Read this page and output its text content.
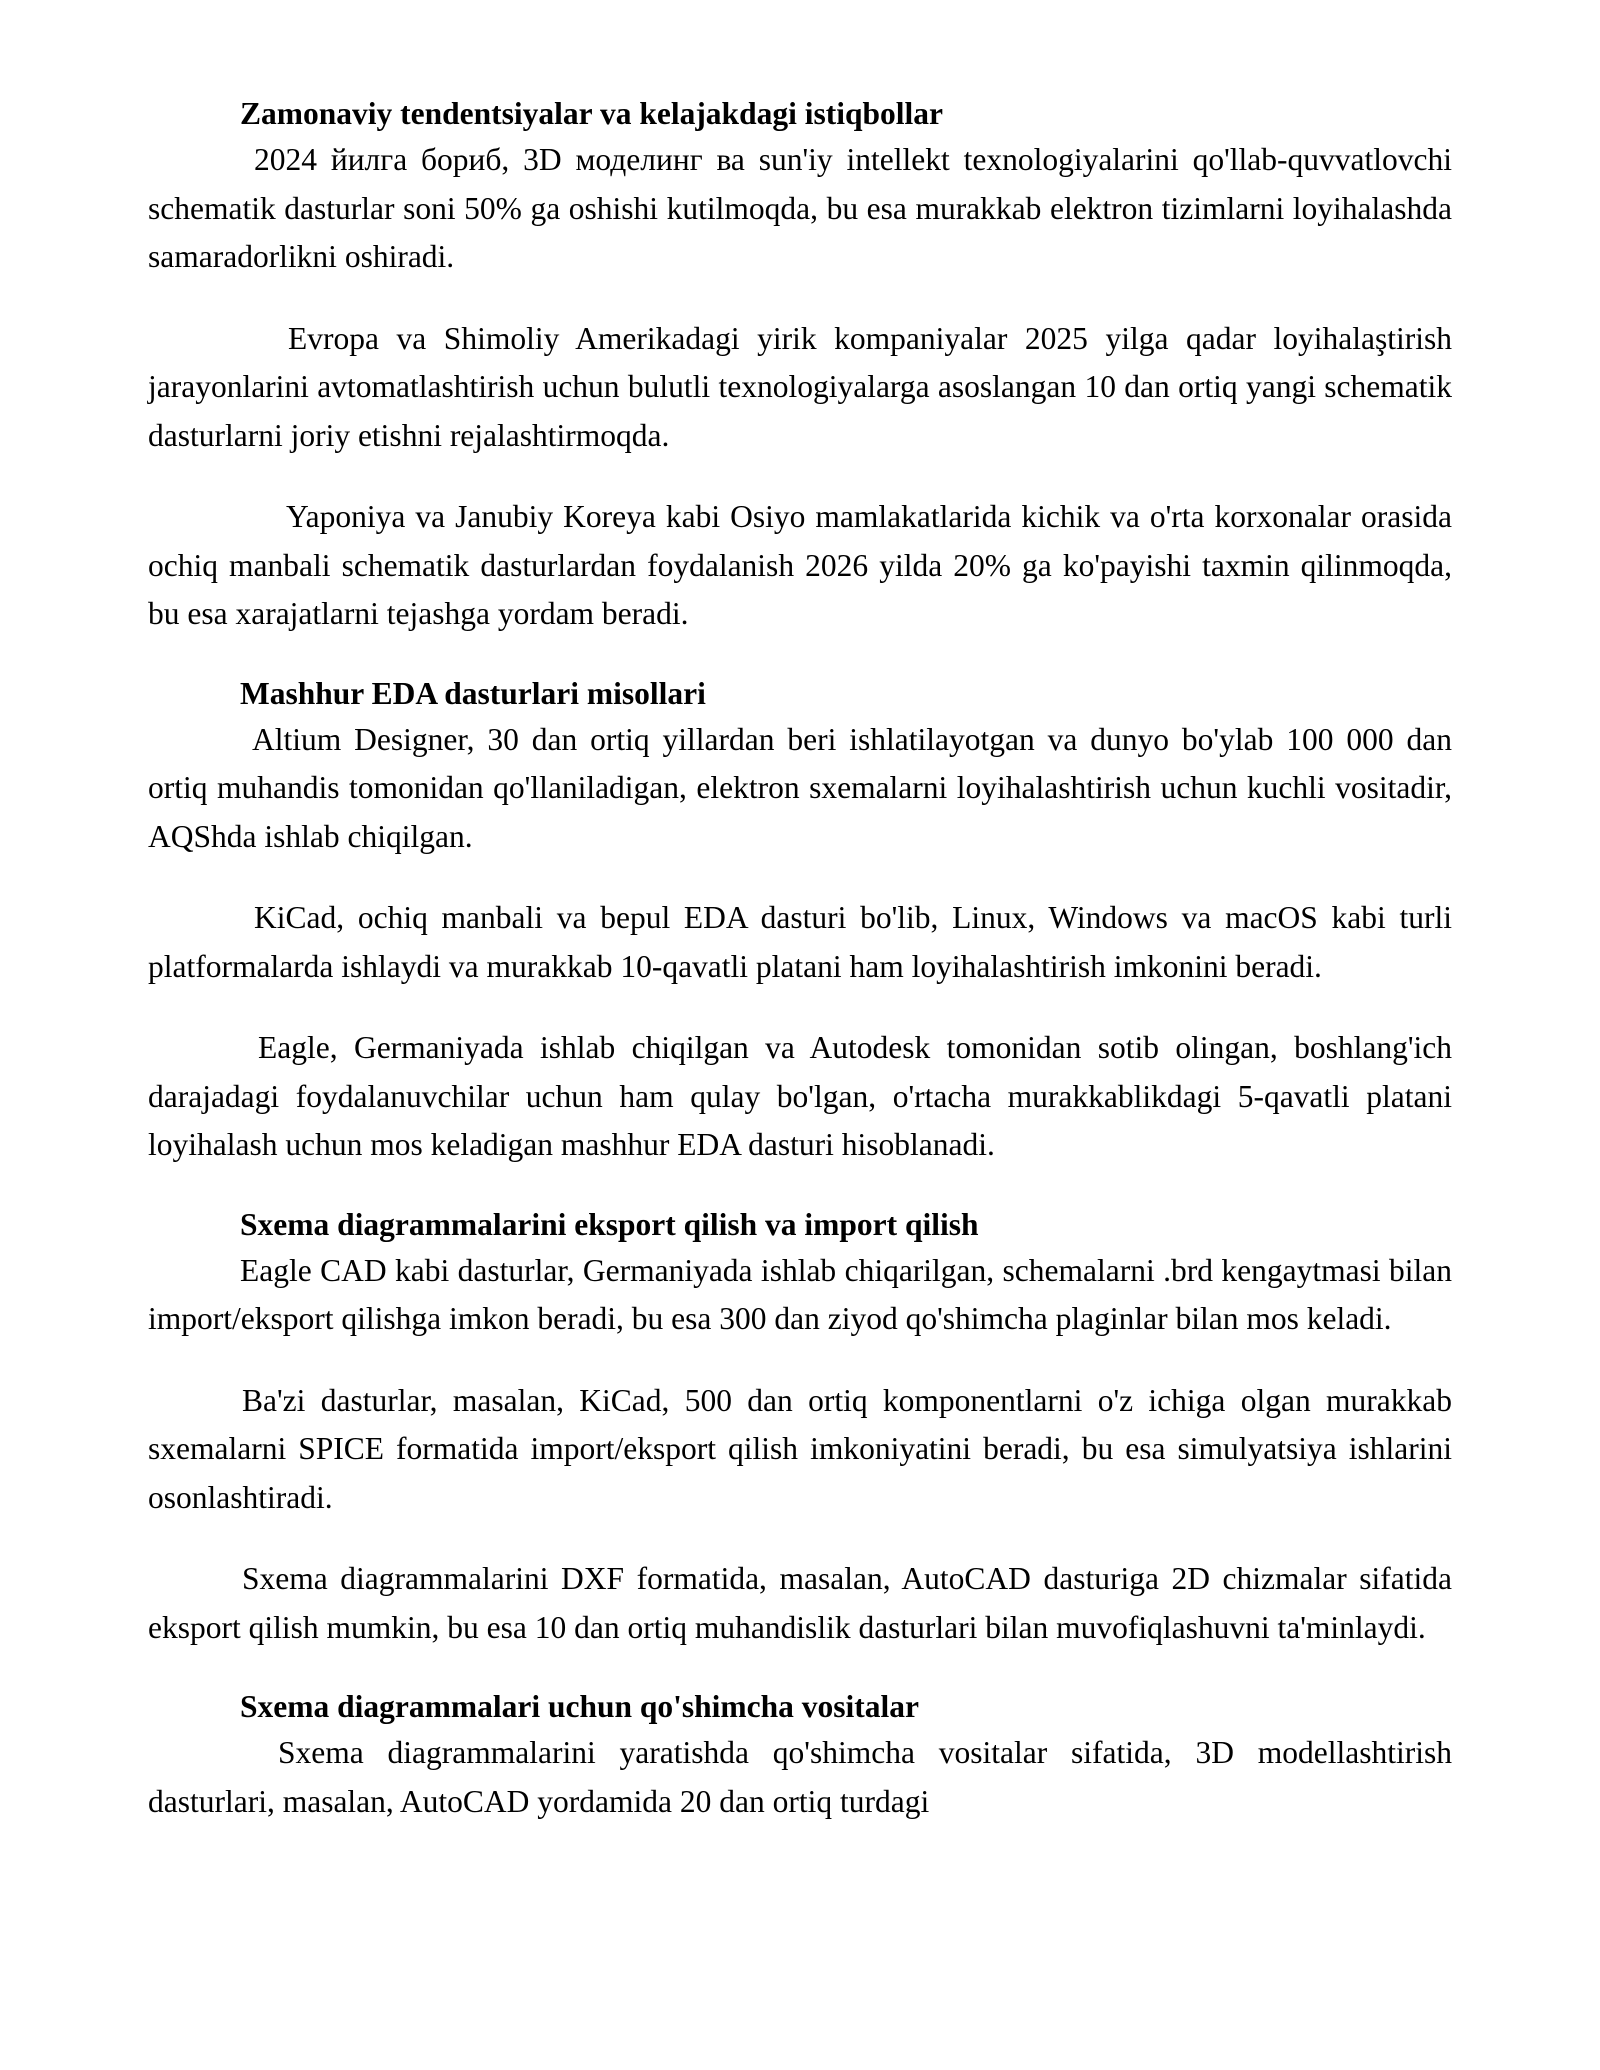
Zamonaviy tendentsiyalar va kelajakdagi istiqbollar

2024 йилга бориб, 3D моделинг ва sun'iy intellekt texnologiyalarini qo'llab-quvvatlovchi schematik dasturlar soni 50% ga oshishi kutilmoqda, bu esa murakkab elektron tizimlarni loyihalashda samaradorlikni oshiradi.

Evropa va Shimoliy Amerikadagi yirik kompaniyalar 2025 yilga qadar loyihalaştirish jarayonlarini avtomatlashtirish uchun bulutli texnologiyalarga asoslangan 10 dan ortiq yangi schematik dasturlarni joriy etishni rejalashtirmoqda.

Yaponiya va Janubiy Koreya kabi Osiyo mamlakatlarida kichik va o'rta korxonalar orasida ochiq manbali schematik dasturlardan foydalanish 2026 yilda 20% ga ko'payishi taxmin qilinmoqda, bu esa xarajatlarni tejashga yordam beradi.

Mashhur EDA dasturlari misollari

Altium Designer, 30 dan ortiq yillardan beri ishlatilayotgan va dunyo bo'ylab 100 000 dan ortiq muhandis tomonidan qo'llaniladigan, elektron sxemalarni loyihalashtirish uchun kuchli vositadir, AQShda ishlab chiqilgan.

KiCad, ochiq manbali va bepul EDA dasturi bo'lib, Linux, Windows va macOS kabi turli platformalarda ishlaydi va murakkab 10-qavatli platani ham loyihalashtirish imkonini beradi.

Eagle, Germaniyada ishlab chiqilgan va Autodesk tomonidan sotib olingan, boshlang'ich darajadagi foydalanuvchilar uchun ham qulay bo'lgan, o'rtacha murakkablikdagi 5-qavatli platani loyihalash uchun mos keladigan mashhur EDA dasturi hisoblanadi.

Sxema diagrammalarini eksport qilish va import qilish

Eagle CAD kabi dasturlar, Germaniyada ishlab chiqarilgan, schemalarni .brd kengaytmasi bilan import/eksport qilishga imkon beradi, bu esa 300 dan ziyod qo'shimcha plaginlar bilan mos keladi.

Ba'zi dasturlar, masalan, KiCad, 500 dan ortiq komponentlarni o'z ichiga olgan murakkab sxemalarni SPICE formatida import/eksport qilish imkoniyatini beradi, bu esa simulyatsiya ishlarini osonlashtiradi.

Sxema diagrammalarini DXF formatida, masalan, AutoCAD dasturiga 2D chizmalar sifatida eksport qilish mumkin, bu esa 10 dan ortiq muhandislik dasturlari bilan muvofiqlashuvni ta'minlaydi.

Sxema diagrammalari uchun qo'shimcha vositalar

Sxema diagrammalarini yaratishda qo'shimcha vositalar sifatida, 3D modellashtirish dasturlari, masalan, AutoCAD yordamida 20 dan ortiq turdagi
